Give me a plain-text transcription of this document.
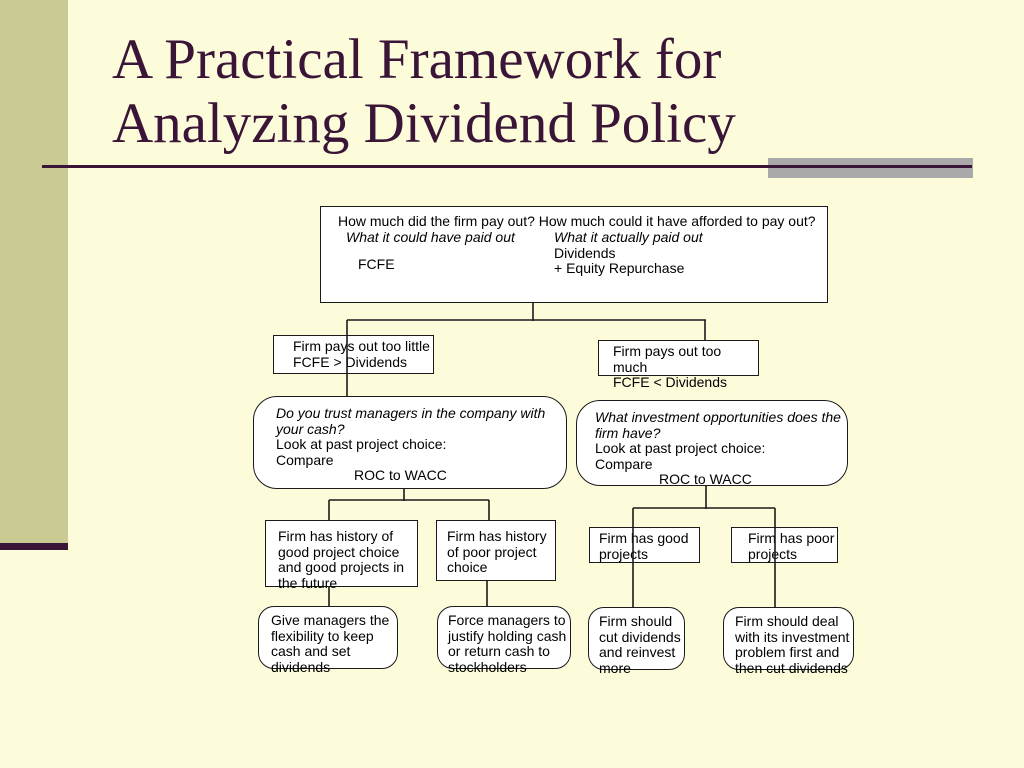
A Practical Framework for
Analyzing Dividend Policy
How much did the firm pay out? How much could it have afforded to pay out?
What it could have paid out
FCFE
What it actually paid out
Dividends
+ Equity Repurchase
Firm pays out too little
FCFE > Dividends
Firm pays out too much
FCFE < Dividends
Do you trust managers in the company with your cash?
Look at past project choice:
Compare
ROC to WACC
What investment opportunities does the firm have?
Look at past project choice:
Compare
ROC to WACC
Firm has history of good project choice and good projects in the future
Firm has history of poor project choice
Firm has good
projects
Firm has poor
projects
Give managers the flexibility to keep cash and set dividends
Force managers to justify holding cash or return cash to stockholders
Firm should cut dividends and reinvest more
Firm should deal with its investment problem first and then cut dividends
